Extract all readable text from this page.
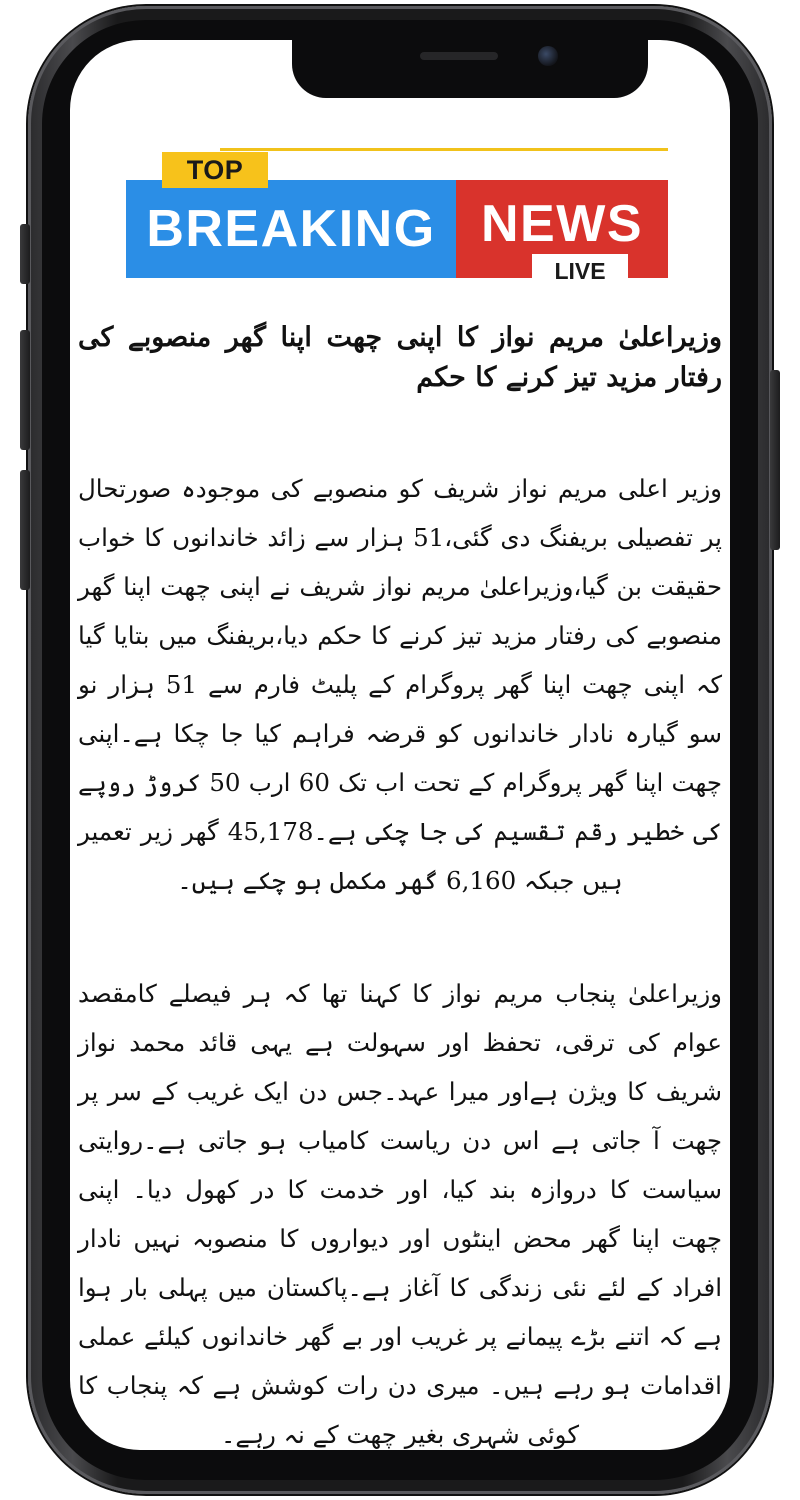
BREAKING NEWS
TOP
LIVE

وزیراعلیٰ مریم نواز کا اپنی چھت اپنا گھر منصوبے کی رفتار مزید تیز کرنے کا حکم

وزیر اعلی مریم نواز شریف کو منصوبے کی موجودہ صورتحال پر تفصیلی بریفنگ دی گئی،51 ہزار سے زائد خاندانوں کا خواب حقیقت بن گیا،وزیراعلیٰ مریم نواز شریف نے اپنی چھت اپنا گھر منصوبے کی رفتار مزید تیز کرنے کا حکم دیا،بریفنگ میں بتایا گیا کہ اپنی چھت اپنا گھر پروگرام کے پلیٹ فارم سے 51 ہزار نو سو گیارہ نادار خاندانوں کو قرضہ فراہم کیا جا چکا ہے۔اپنی چھت اپنا گھر پروگرام کے تحت اب تک 60 ارب 50 کروڑ روپے کی خطیر رقم تقسیم کی جا چکی ہے۔45,178 گھر زیر تعمیر ہیں جبکہ 6,160 گھر مکمل ہو چکے ہیں۔

وزیراعلیٰ پنجاب مریم نواز کا کہنا تھا کہ ہر فیصلے کامقصد عوام کی ترقی، تحفظ اور سہولت ہے یہی قائد محمد نواز شریف کا ویژن ہےاور میرا عہد۔جس دن ایک غریب کے سر پر چھت آ جاتی ہے اس دن ریاست کامیاب ہو جاتی ہے۔روایتی سیاست کا دروازہ بند کیا، اور خدمت کا در کھول دیا۔ اپنی چھت اپنا گھر محض اینٹوں اور دیواروں کا منصوبہ نہیں نادار افراد کے لئے نئی زندگی کا آغاز ہے۔پاکستان میں پہلی بار ہوا ہے کہ اتنے بڑے پیمانے پر غریب اور بے گھر خاندانوں کیلئے عملی اقدامات ہو رہے ہیں۔ میری دن رات کوشش ہے کہ پنجاب کا کوئی شہری بغیر چھت کے نہ رہے۔
